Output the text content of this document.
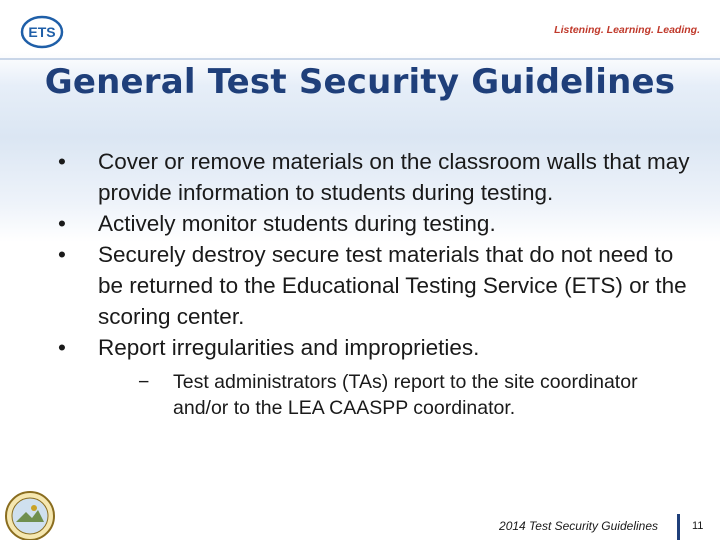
ETS	Listening. Learning. Leading.
General Test Security Guidelines
•	Cover or remove materials on the classroom walls that may provide information to students during testing.
•	Actively monitor students during testing.
•	Securely destroy secure test materials that do not need to be returned to the Educational Testing Service (ETS) or the scoring center.
•	Report irregularities and improprieties.
− Test administrators (TAs) report to the site coordinator and/or to the LEA CAASPP coordinator.
2014 Test Security Guidelines	11
